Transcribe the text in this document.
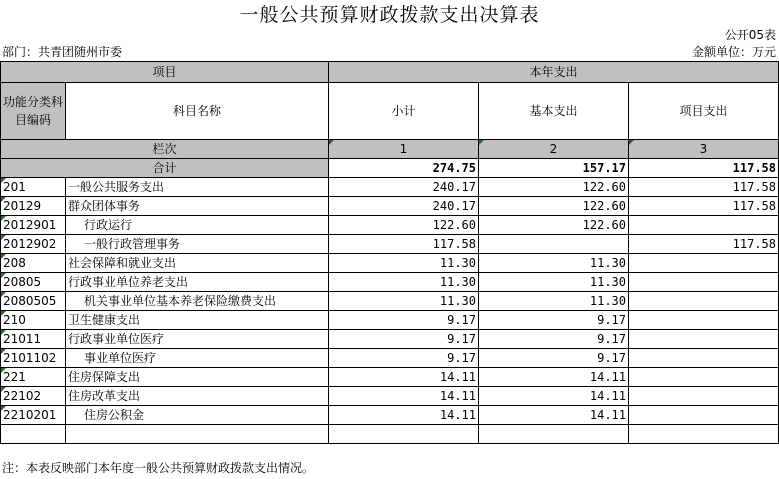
一般公共预算财政拨款支出决算表
公开05表
部门：共青团随州市委	金额单位：万元
项目		本年支出		
功能分类科目编码	科目名称	小计	基本支出	项目支出
栏次		1	2	3
合计		274.75	157.17	117.58
201	一般公共服务支出	240.17	122.60	117.58
20129	群众团体事务	240.17	122.60	117.58
2012901	行政运行	122.60	122.60	
2012902	一般行政管理事务	117.58		117.58
208	社会保障和就业支出	11.30	11.30	
20805	行政事业单位养老支出	11.30	11.30	
2080505	机关事业单位基本养老保险缴费支出	11.30	11.30	
210	卫生健康支出	9.17	9.17	
21011	行政事业单位医疗	9.17	9.17	
2101102	事业单位医疗	9.17	9.17	
221	住房保障支出	14.11	14.11	
22102	住房改革支出	14.11	14.11	
2210201	住房公积金	14.11	14.11	

注：本表反映部门本年度一般公共预算财政拨款支出情况。
